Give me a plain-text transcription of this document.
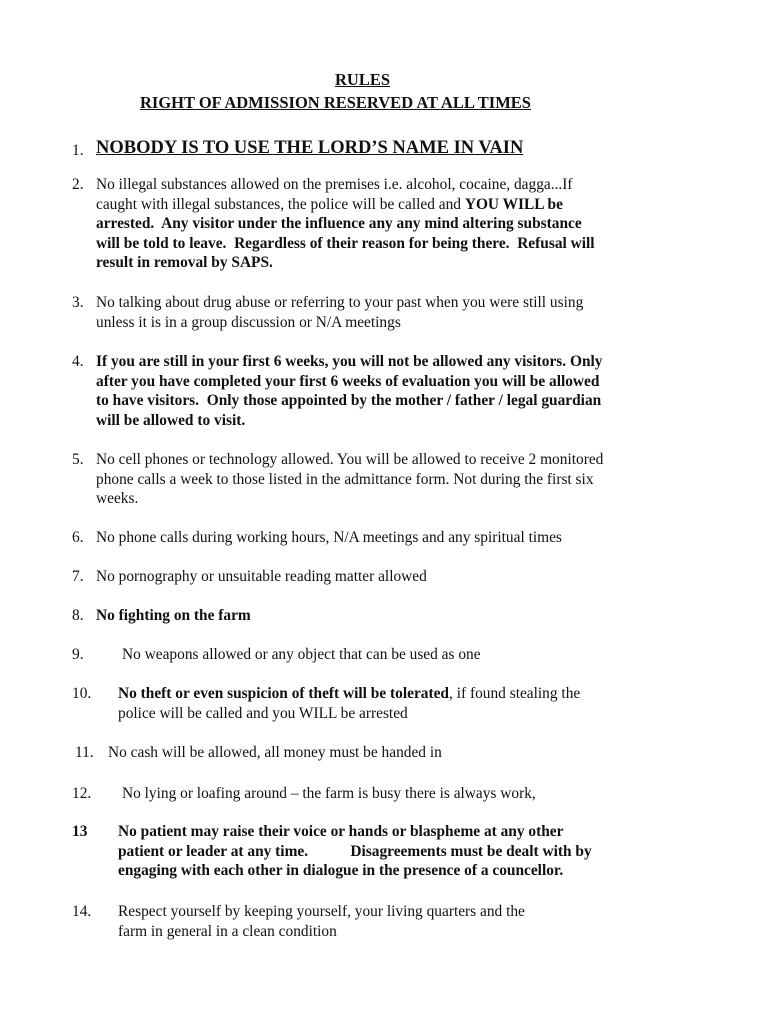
RULES
RIGHT OF ADMISSION RESERVED AT ALL TIMES
1. NOBODY IS TO USE THE LORD’S NAME IN VAIN
2. No illegal substances allowed on the premises i.e. alcohol, cocaine, dagga...If
caught with illegal substances, the police will be called and YOU WILL be
arrested.  Any visitor under the influence any any mind altering substance
will be told to leave.  Regardless of their reason for being there.  Refusal will
result in removal by SAPS.
3. No talking about drug abuse or referring to your past when you were still using
unless it is in a group discussion or N/A meetings
4. If you are still in your first 6 weeks, you will not be allowed any visitors. Only
after you have completed your first 6 weeks of evaluation you will be allowed
to have visitors.  Only those appointed by the mother / father / legal guardian
will be allowed to visit.
5. No cell phones or technology allowed. You will be allowed to receive 2 monitored
phone calls a week to those listed in the admittance form. Not during the first six
weeks.
6. No phone calls during working hours, N/A meetings and any spiritual times
7. No pornography or unsuitable reading matter allowed
8. No fighting on the farm
9. No weapons allowed or any object that can be used as one
10. No theft or even suspicion of theft will be tolerated, if found stealing the
police will be called and you WILL be arrested
11. No cash will be allowed, all money must be handed in
12. No lying or loafing around – the farm is busy there is always work,
13 No patient may raise their voice or hands or blaspheme at any other
patient or leader at any time.           Disagreements must be dealt with by
engaging with each other in dialogue in the presence of a councellor.
14. Respect yourself by keeping yourself, your living quarters and the
farm in general in a clean condition
